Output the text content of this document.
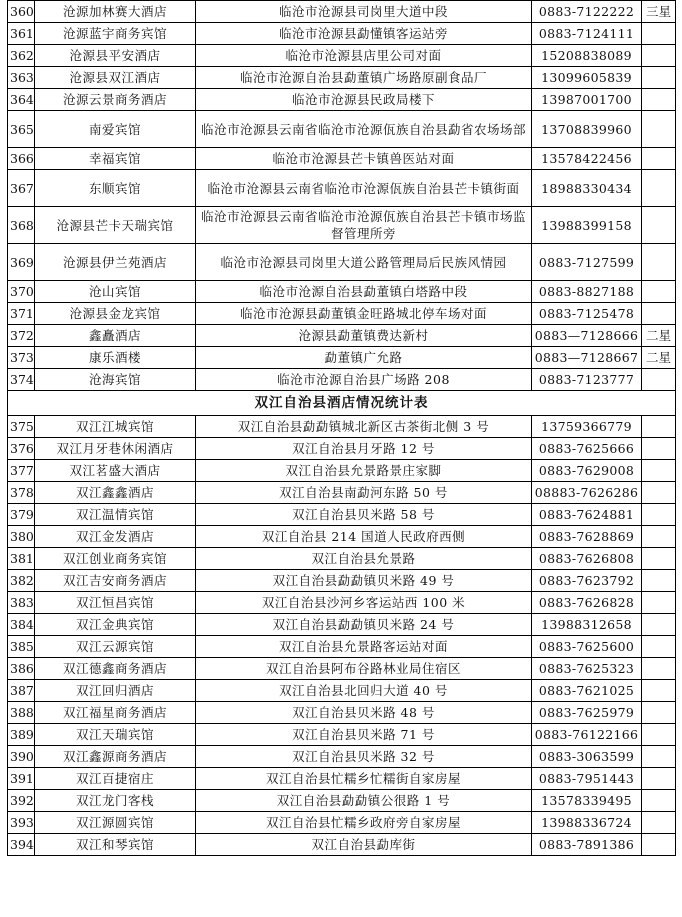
360	沧源加林赛大酒店	临沧市沧源县司岗里大道中段	0883-7122222	三星
361	沧源蓝宇商务宾馆	临沧市沧源县勐懂镇客运站旁	0883-7124111	
362	沧源县平安酒店	临沧市沧源县店里公司对面	15208838089	
363	沧源县双江酒店	临沧市沧源自治县勐董镇广场路原副食品厂	13099605839	
364	沧源云景商务酒店	临沧市沧源县民政局楼下	13987001700	
365	南爱宾馆	临沧市沧源县云南省临沧市沧源佤族自治县勐省农场场部	13708839960	
366	幸福宾馆	临沧市沧源县芒卡镇兽医站对面	13578422456	
367	东顺宾馆	临沧市沧源县云南省临沧市沧源佤族自治县芒卡镇街面	18988330434	
368	沧源县芒卡天瑞宾馆	临沧市沧源县云南省临沧市沧源佤族自治县芒卡镇市场监督管理所旁	13988399158	
369	沧源县伊兰苑酒店	临沧市沧源县司岗里大道公路管理局后民族风情园	0883-7127599	
370	沧山宾馆	临沧市沧源自治县勐董镇白塔路中段	0883-8827188	
371	沧源县金龙宾馆	临沧市沧源县勐董镇金旺路城北停车场对面	0883-7125478	
372	鑫矗酒店	沧源县勐董镇费达新村	0883—7128666	二星
373	康乐酒楼	勐董镇广允路	0883—7128667	二星
374	沧海宾馆	临沧市沧源自治县广场路 208	0883-7123777	
双江自治县酒店情况统计表				
375	双江江城宾馆	双江自治县勐勐镇城北新区古茶街北侧 3 号	13759366779	
376	双江月牙巷休闲酒店	双江自治县月牙路 12 号	0883-7625666	
377	双江茗盛大酒店	双江自治县允景路景庄家脚	0883-7629008	
378	双江鑫鑫酒店	双江自治县南勐河东路 50 号	08883-7626286	
379	双江温情宾馆	双江自治县贝米路 58 号	0883-7624881	
380	双江金发酒店	双江自治县 214 国道人民政府西侧	0883-7628869	
381	双江创业商务宾馆	双江自治县允景路	0883-7626808	
382	双江吉安商务酒店	双江自治县勐勐镇贝米路 49 号	0883-7623792	
383	双江恒昌宾馆	双江自治县沙河乡客运站西 100 米	0883-7626828	
384	双江金典宾馆	双江自治县勐勐镇贝米路 24 号	13988312658	
385	双江云源宾馆	双江自治县允景路客运站对面	0883-7625600	
386	双江德鑫商务酒店	双江自治县阿布谷路林业局住宿区	0883-7625323	
387	双江回归酒店	双江自治县北回归大道 40 号	0883-7621025	
388	双江福星商务酒店	双江自治县贝米路 48 号	0883-7625979	
389	双江天瑞宾馆	双江自治县贝米路 71 号	0883-76122166	
390	双江鑫源商务酒店	双江自治县贝米路 32 号	0883-3063599	
391	双江百捷宿庄	双江自治县忙糯乡忙糯街自家房屋	0883-7951443	
392	双江龙门客栈	双江自治县勐勐镇公很路 1 号	13578339495	
393	双江源圆宾馆	双江自治县忙糯乡政府旁自家房屋	13988336724	
394	双江和琴宾馆	双江自治县勐库街	0883-7891386	
